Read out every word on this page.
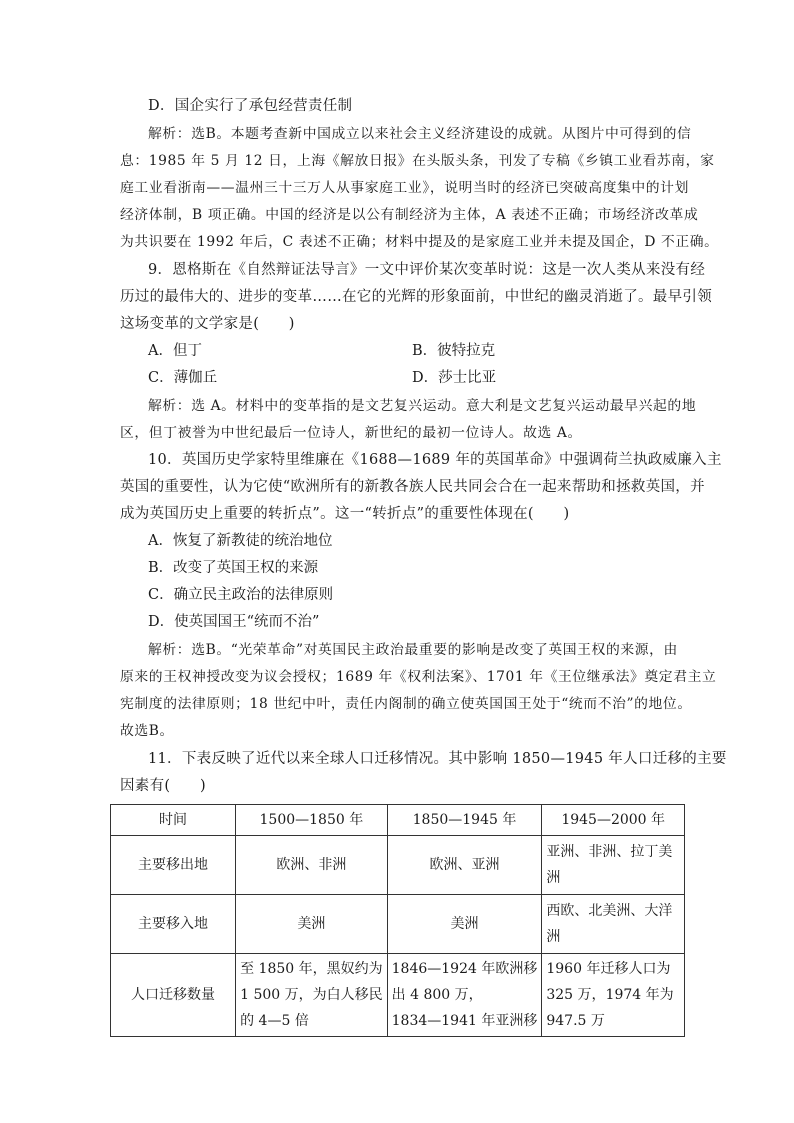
D．国企实行了承包经营责任制
解析：选B。本题考查新中国成立以来社会主义经济建设的成就。从图片中可得到的信
息：1985 年 5 月 12 日，上海《解放日报》在头版头条，刊发了专稿《乡镇工业看苏南，家
庭工业看浙南——温州三十三万人从事家庭工业》，说明当时的经济已突破高度集中的计划
经济体制，B 项正确。中国的经济是以公有制经济为主体，A 表述不正确；市场经济改革成
为共识要在 1992 年后，C 表述不正确；材料中提及的是家庭工业并未提及国企，D 不正确。
9．恩格斯在《自然辩证法导言》一文中评价某次变革时说：这是一次人类从来没有经
历过的最伟大的、进步的变革……在它的光辉的形象面前，中世纪的幽灵消逝了。最早引领
这场变革的文学家是(　　)
A．但丁	B．彼特拉克
C．薄伽丘	D．莎士比亚
解析：选 A。材料中的变革指的是文艺复兴运动。意大利是文艺复兴运动最早兴起的地
区，但丁被誉为中世纪最后一位诗人，新世纪的最初一位诗人。故选 A。
10．英国历史学家特里维廉在《1688—1689 年的英国革命》中强调荷兰执政威廉入主
英国的重要性，认为它使“欧洲所有的新教各族人民共同会合在一起来帮助和拯救英国，并
成为英国历史上重要的转折点”。这一“转折点”的重要性体现在(　　)
A．恢复了新教徒的统治地位
B．改变了英国王权的来源
C．确立民主政治的法律原则
D．使英国国王“统而不治”
解析：选B。“光荣革命”对英国民主政治最重要的影响是改变了英国王权的来源，由
原来的王权神授改变为议会授权；1689 年《权利法案》、1701 年《王位继承法》奠定君主立
宪制度的法律原则；18 世纪中叶，责任内阁制的确立使英国国王处于“统而不治”的地位。
故选B。
11．下表反映了近代以来全球人口迁移情况。其中影响 1850—1945 年人口迁移的主要
因素有(　　)
时间	1500—1850 年	1850—1945 年	1945—2000 年
主要移出地	欧洲、非洲	欧洲、亚洲	亚洲、非洲、拉丁美
洲

主要移入地	美洲	美洲	西欧、北美洲、大洋
洲

人口迁移数量	至 1850 年，黑奴约为
1 500 万，为白人移民
的 4—5 倍	1846—1924 年欧洲移
出 4 800 万，
1834—1941 年亚洲移	1960 年迁移人口为
325 万，1974 年为
947.5 万
